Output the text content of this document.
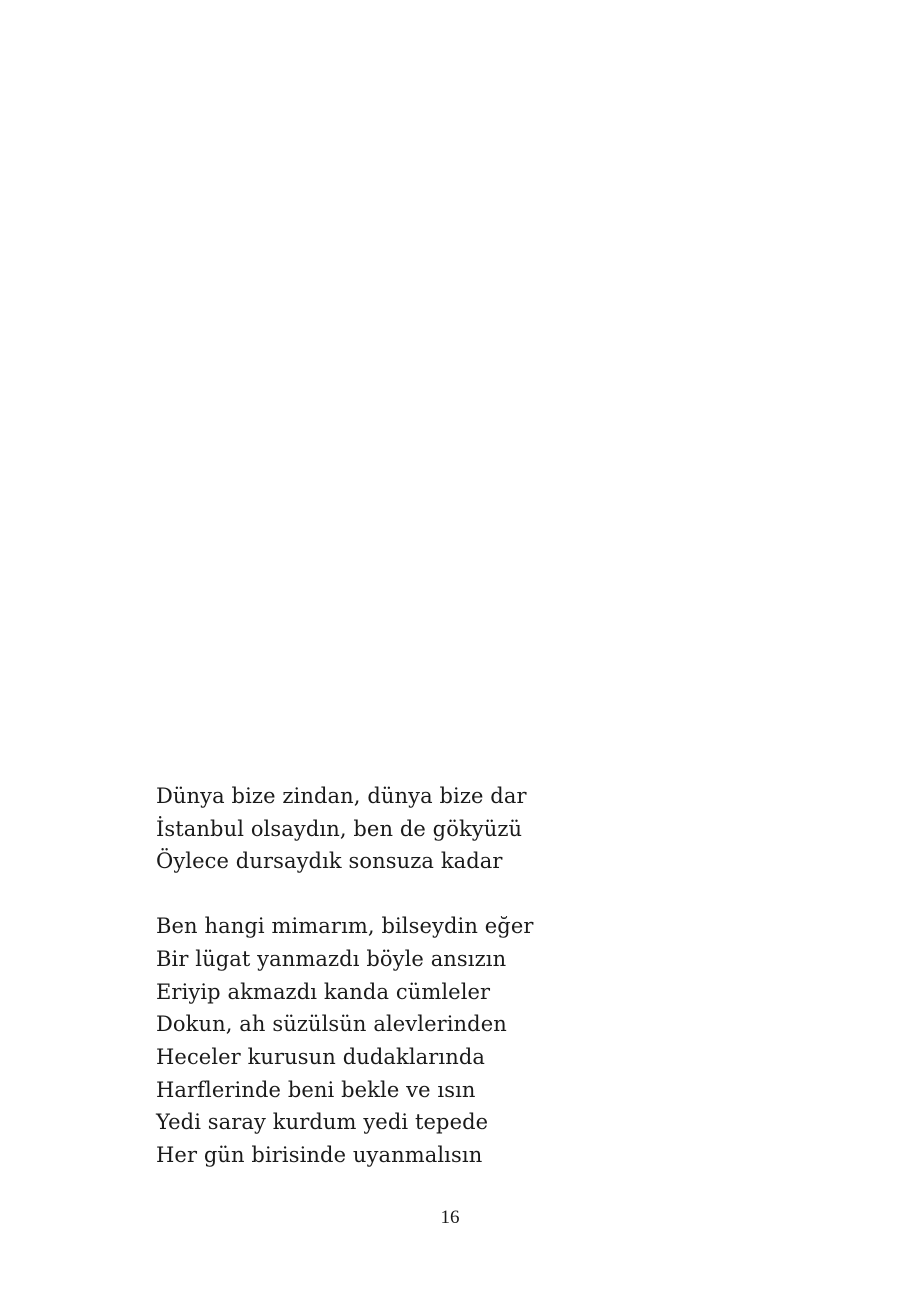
Dünya bize zindan, dünya bize dar
İstanbul olsaydın, ben de gökyüzü
Öylece dursaydık sonsuza kadar
Ben hangi mimarım, bilseydin eğer
Bir lügat yanmazdı böyle ansızın
Eriyip akmazdı kanda cümleler
Dokun, ah süzülsün alevlerinden
Heceler kurusun dudaklarında
Harflerinde beni bekle ve ısın
Yedi saray kurdum yedi tepede
Her gün birisinde uyanmalısın
16
